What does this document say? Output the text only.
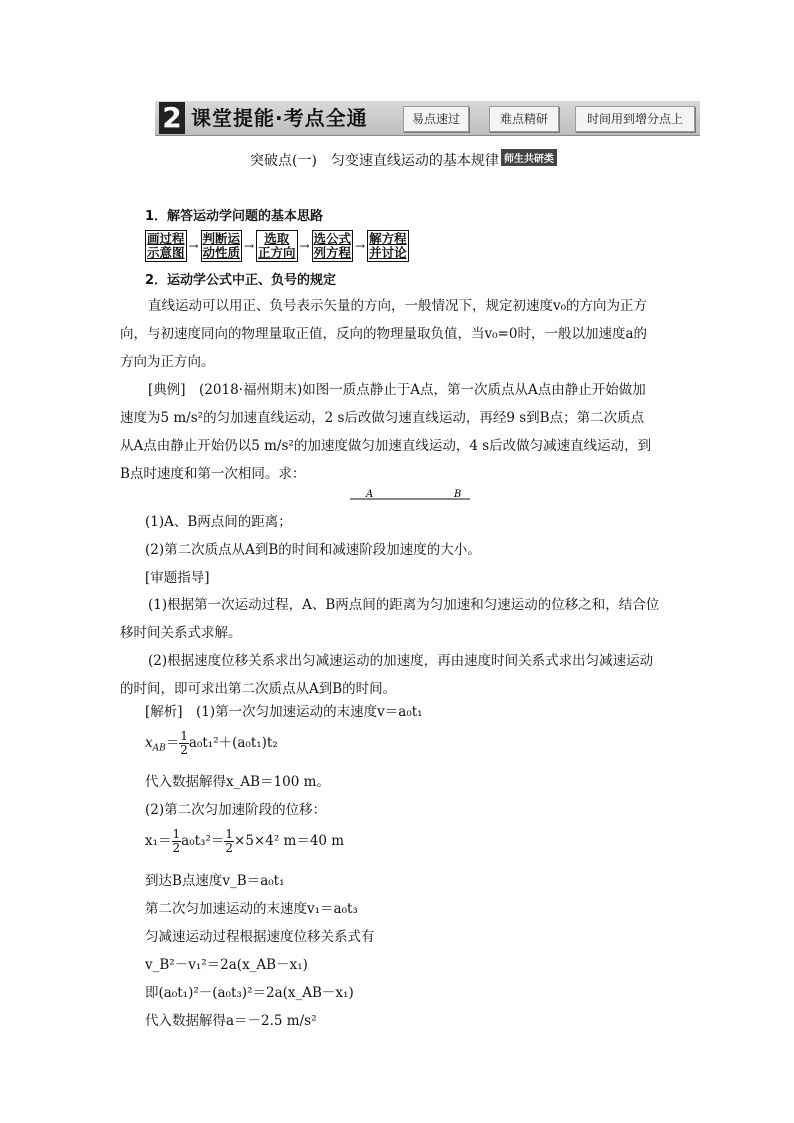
2 课堂提能·考点全通	易点速过	难点精研	时间用到增分点上
突破点(一)　匀变速直线运动的基本规律 师生共研类
1．解答运动学问题的基本思路
画过程
示意图 → 判断运
动性质 → 选取
正方向 → 选公式
列方程 → 解方程
并讨论
2．运动学公式中正、负号的规定
直线运动可以用正、负号表示矢量的方向，一般情况下，规定初速度v₀的方向为正方
向，与初速度同向的物理量取正值，反向的物理量取负值，当v₀=0时，一般以加速度a的
方向为正方向。
[典例]　(2018·福州期末)如图一质点静止于A点，第一次质点从A点由静止开始做加
速度为5 m/s²的匀加速直线运动，2 s后改做匀速直线运动，再经9 s到B点；第二次质点
从A点由静止开始仍以5 m/s²的加速度做匀加速直线运动，4 s后改做匀减速直线运动，到
B点时速度和第一次相同。求：
A	B
(1)A、B两点间的距离；
(2)第二次质点从A到B的时间和减速阶段加速度的大小。
[审题指导]
(1)根据第一次运动过程，A、B两点间的距离为匀加速和匀速运动的位移之和，结合位
移时间关系式求解。
(2)根据速度位移关系求出匀减速运动的加速度，再由速度时间关系式求出匀减速运动
的时间，即可求出第二次质点从A到B的时间。
[解析]　(1)第一次匀加速运动的末速度v＝a₀t₁
$x_{AB}= \frac{1}{2} a_0t_1^2+(a_0t_1)t_2$
代入数据解得x_AB＝100 m。
(2)第二次匀加速阶段的位移：
$x_1= \frac{1}{2} a_0t_3^2= \frac{1}{2} \times 5\times 4^2$ m＝40 m
到达B点速度v_B＝a₀t₁
第二次匀加速运动的末速度v₁＝a₀t₃
匀减速运动过程根据速度位移关系式有
v_B²－v₁²＝2a(x_AB－x₁)
即(a₀t₁)²－(a₀t₃)²＝2a(x_AB－x₁)
代入数据解得a＝－2.5 m/s²
